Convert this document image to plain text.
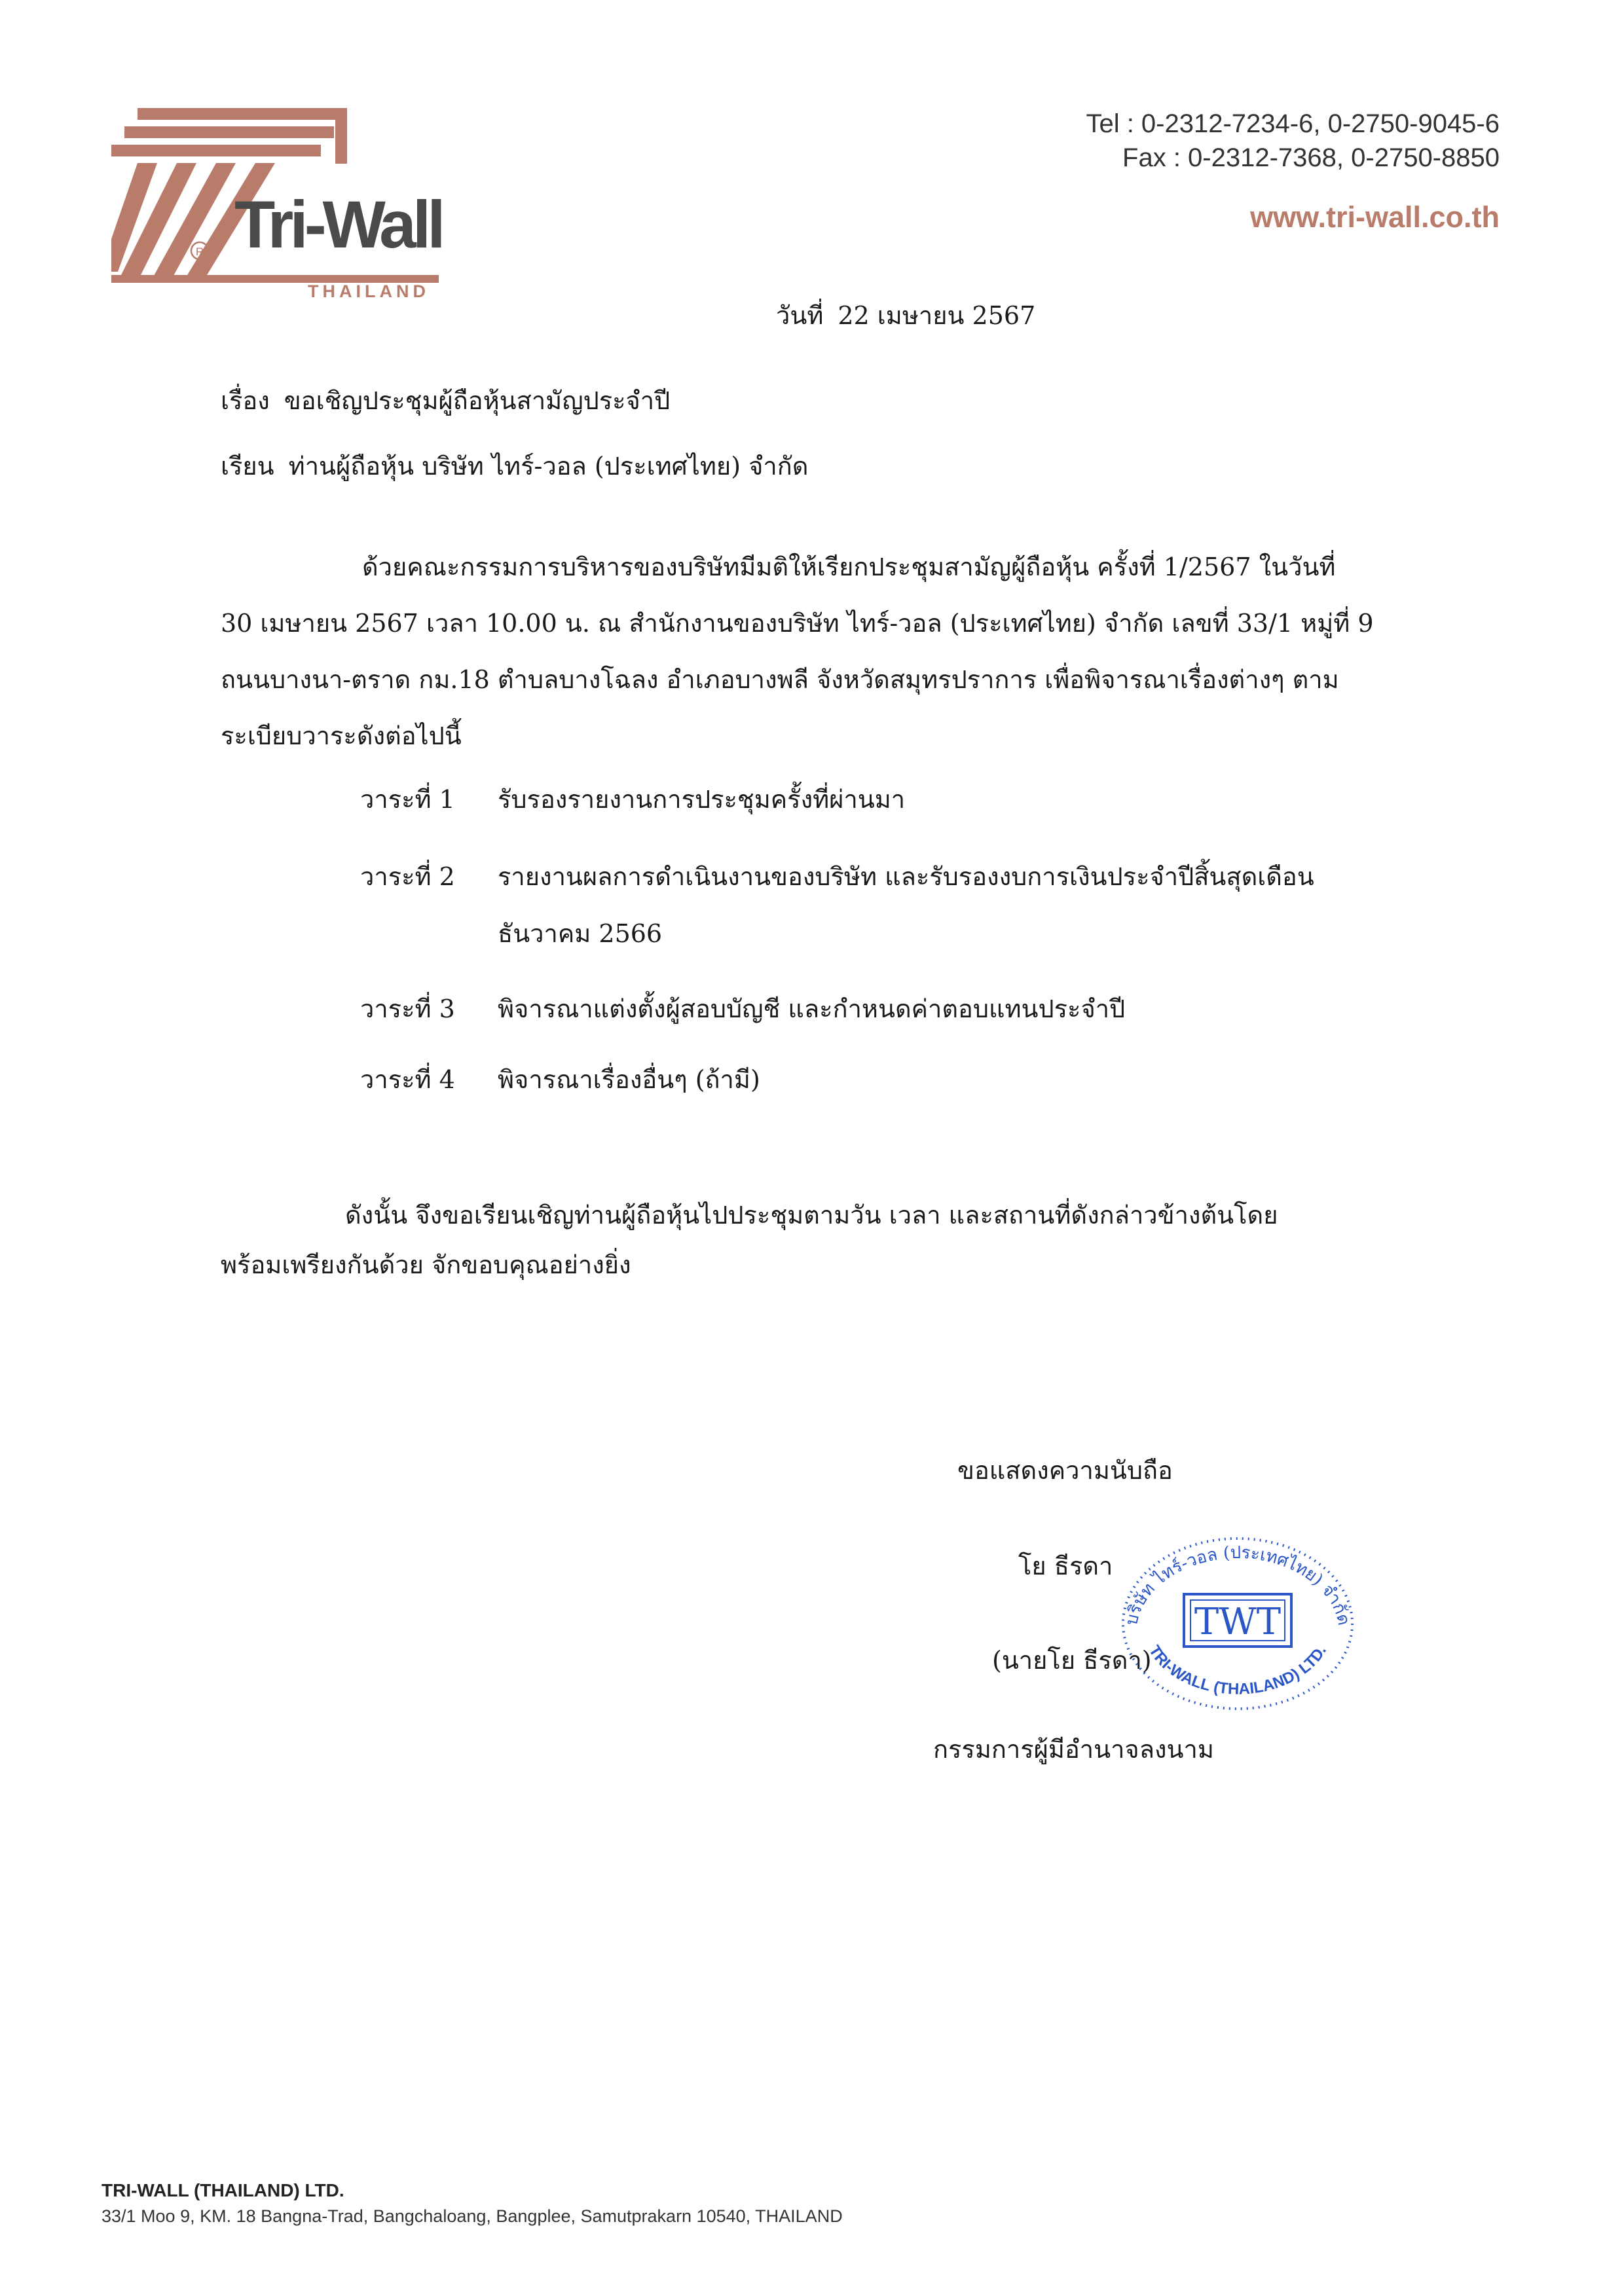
R Tri-Wall
THAILAND
Tel : 0-2312-7234-6, 0-2750-9045-6
Fax : 0-2312-7368, 0-2750-8850
www.tri-wall.co.th
วันที่ 22 เมษายน 2567
เรื่อง ขอเชิญประชุมผู้ถือหุ้นสามัญประจำปี
เรียน ท่านผู้ถือหุ้น บริษัท ไทร์-วอล (ประเทศไทย) จำกัด
ด้วยคณะกรรมการบริหารของบริษัทมีมติให้เรียกประชุมสามัญผู้ถือหุ้น ครั้งที่ 1/2567 ในวันที่
30 เมษายน 2567 เวลา 10.00 น. ณ สำนักงานของบริษัท ไทร์-วอล (ประเทศไทย) จำกัด เลขที่ 33/1 หมู่ที่ 9
ถนนบางนา-ตราด กม.18 ตำบลบางโฉลง อำเภอบางพลี จังหวัดสมุทรปราการ เพื่อพิจารณาเรื่องต่างๆ ตาม
ระเบียบวาระดังต่อไปนี้
วาระที่ 1 รับรองรายงานการประชุมครั้งที่ผ่านมา
วาระที่ 2 รายงานผลการดำเนินงานของบริษัท และรับรองงบการเงินประจำปีสิ้นสุดเดือน
ธันวาคม 2566
วาระที่ 3 พิจารณาแต่งตั้งผู้สอบบัญชี และกำหนดค่าตอบแทนประจำปี
วาระที่ 4 พิจารณาเรื่องอื่นๆ (ถ้ามี)
ดังนั้น จึงขอเรียนเชิญท่านผู้ถือหุ้นไปประชุมตามวัน เวลา และสถานที่ดังกล่าวข้างต้นโดย
พร้อมเพรียงกันด้วย จักขอบคุณอย่างยิ่ง
ขอแสดงความนับถือ
โย ธีรดา
(นายโย ธีรดา)
กรรมการผู้มีอำนาจลงนาม
บริษัท ไทร์-วอล (ประเทศไทย) จำกัด
TWT
TRI-WALL (THAILAND) LTD.
TRI-WALL (THAILAND) LTD.
33/1 Moo 9, KM. 18 Bangna-Trad, Bangchaloang, Bangplee, Samutprakarn 10540, THAILAND
